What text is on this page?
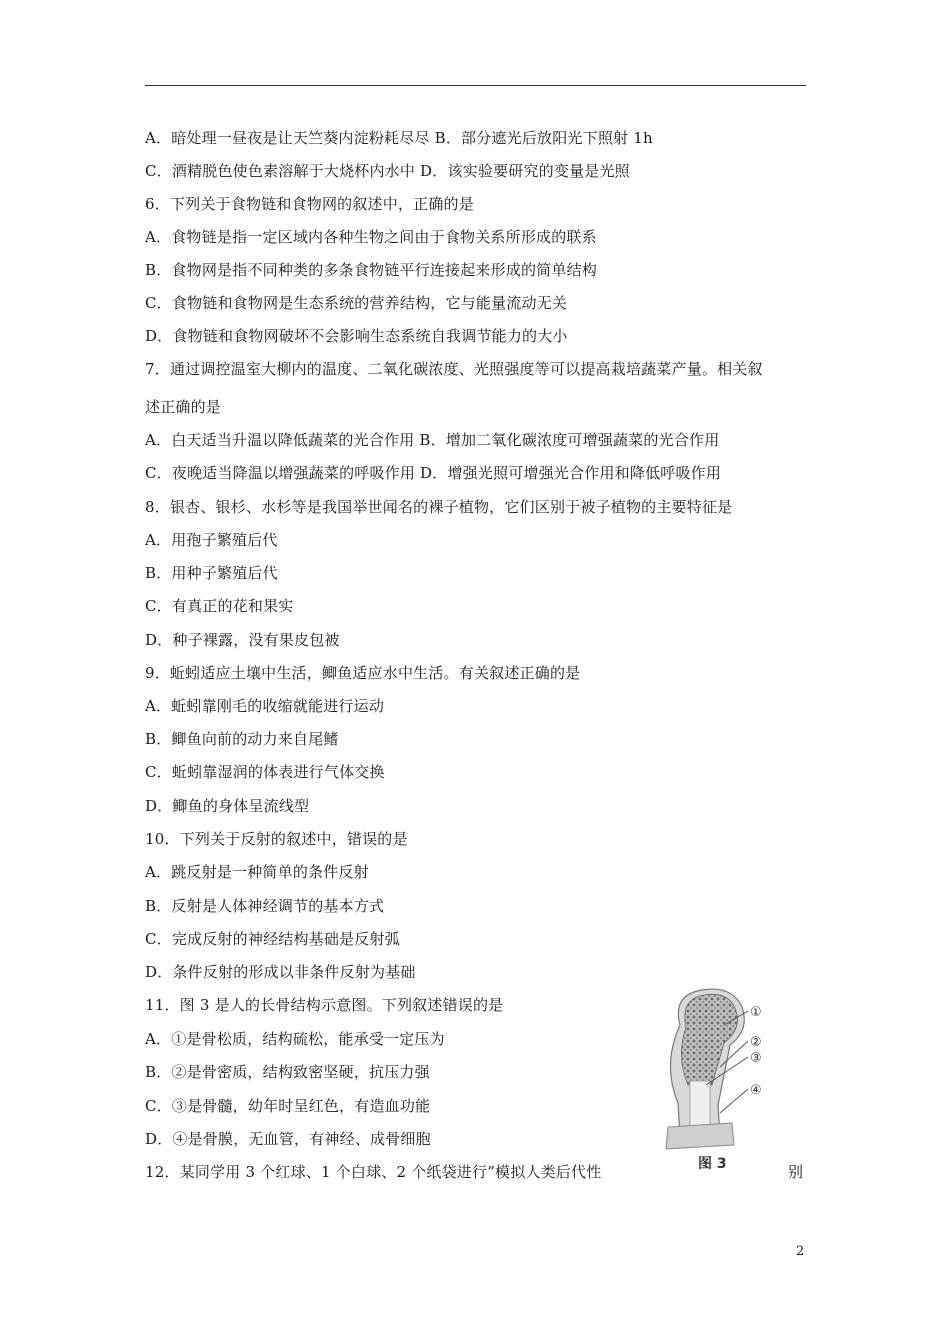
A．暗处理一昼夜是让天竺葵内淀粉耗尽尽 B．部分遮光后放阳光下照射 1h
C．酒精脱色使色素溶解于大烧杯内水中 D．该实验要研究的变量是光照
6．下列关于食物链和食物网的叙述中，正确的是
A．食物链是指一定区域内各种生物之间由于食物关系所形成的联系
B．食物网是指不同种类的多条食物链平行连接起来形成的简单结构
C．食物链和食物网是生态系统的营养结构，它与能量流动无关
D．食物链和食物网破坏不会影响生态系统自我调节能力的大小
7．通过调控温室大柳内的温度、二氧化碳浓度、光照强度等可以提高栽培蔬菜产量。相关叙
述正确的是
A．白天适当升温以降低蔬菜的光合作用 B．增加二氧化碳浓度可增强蔬菜的光合作用
C．夜晚适当降温以增强蔬菜的呼吸作用 D．增强光照可增强光合作用和降低呼吸作用
8．银杏、银杉、水杉等是我国举世闻名的裸子植物，它们区别于被子植物的主要特征是
A．用孢子繁殖后代
B．用种子繁殖后代
C．有真正的花和果实
D．种子裸露，没有果皮包被
9．蚯蚓适应土壤中生活，鲫鱼适应水中生活。有关叙述正确的是
A．蚯蚓靠刚毛的收缩就能进行运动
B．鲫鱼向前的动力来自尾鳍
C．蚯蚓靠湿润的体表进行气体交换
D．鲫鱼的身体呈流线型
10．下列关于反射的叙述中，错误的是
A．跳反射是一种简单的条件反射
B．反射是人体神经调节的基本方式
C．完成反射的神经结构基础是反射弧
D．条件反射的形成以非条件反射为基础
11．图 3 是人的长骨结构示意图。下列叙述错误的是
A．①是骨松质，结构硫松，能承受一定压为
B．②是骨密质，结构致密坚硬，抗压力强
C．③是骨髓，幼年时呈红色，有造血功能
D．④是骨膜，无血管，有神经、成骨细胞
12．某同学用 3 个红球、1 个白球、2 个纸袋进行”模拟人类后代性	别
①
②
③
④
图 3
2
